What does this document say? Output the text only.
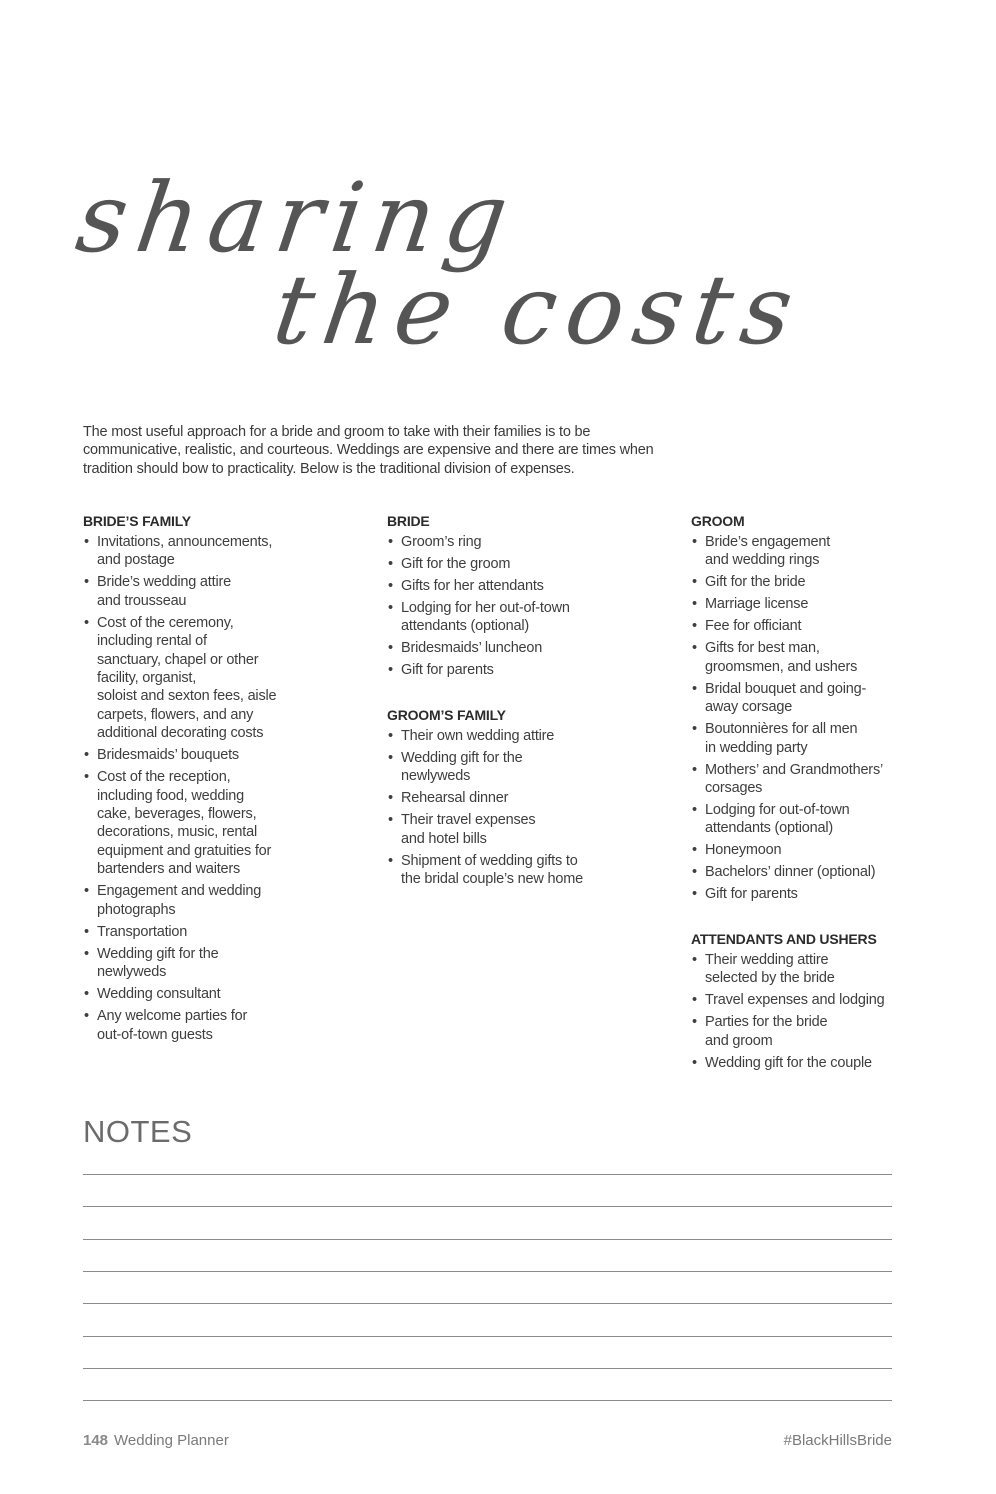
sharing
the costs

The most useful approach for a bride and groom to take with their families is to be communicative, realistic, and courteous. Weddings are expensive and there are times when tradition should bow to practicality. Below is the traditional division of expenses.

BRIDE’S FAMILY
• Invitations, announcements,
and postage
• Bride’s wedding attire
and trousseau
• Cost of the ceremony,
including rental of
sanctuary, chapel or other
facility, organist,
soloist and sexton fees, aisle
carpets, flowers, and any
additional decorating costs
• Bridesmaids’ bouquets
• Cost of the reception,
including food, wedding
cake, beverages, flowers,
decorations, music, rental
equipment and gratuities for
bartenders and waiters
• Engagement and wedding
photographs
• Transportation
• Wedding gift for the
newlyweds
• Wedding consultant
• Any welcome parties for
out-of-town guests
BRIDE
• Groom’s ring
• Gift for the groom
• Gifts for her attendants
• Lodging for her out-of-town
attendants (optional)
• Bridesmaids’ luncheon
• Gift for parents
GROOM’S FAMILY
• Their own wedding attire
• Wedding gift for the
newlyweds
• Rehearsal dinner
• Their travel expenses
and hotel bills
• Shipment of wedding gifts to
the bridal couple’s new home
GROOM
• Bride’s engagement
and wedding rings
• Gift for the bride
• Marriage license
• Fee for officiant
• Gifts for best man,
groomsmen, and ushers
• Bridal bouquet and going-
away corsage
• Boutonnières for all men
in wedding party
• Mothers’ and Grandmothers’
corsages
• Lodging for out-of-town
attendants (optional)
• Honeymoon
• Bachelors’ dinner (optional)
• Gift for parents
ATTENDANTS AND USHERS
• Their wedding attire
selected by the bride
• Travel expenses and lodging
• Parties for the bride
and groom
• Wedding gift for the couple
NOTES
148 Wedding Planner	#BlackHillsBride
